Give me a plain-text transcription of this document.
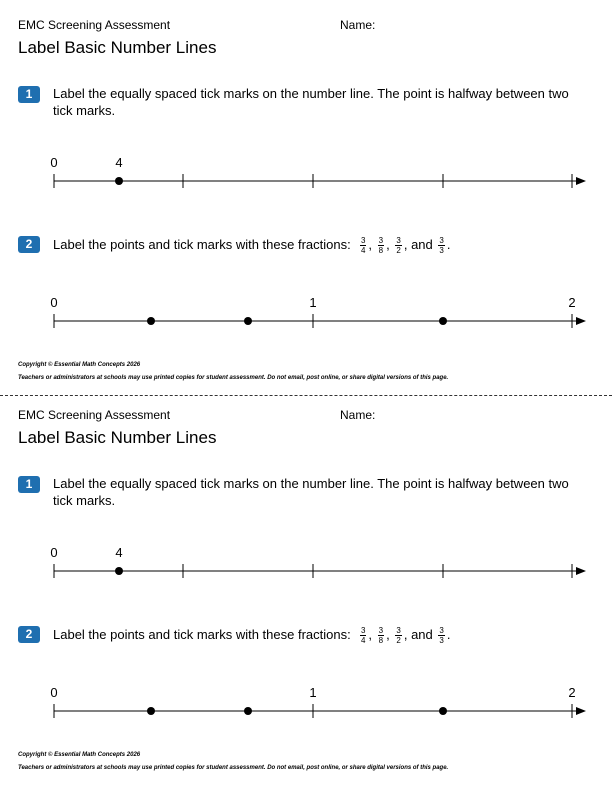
EMC Screening Assessment	Name:
Label Basic Number Lines
1	Label the equally spaced tick marks on the number line. The point is halfway between two tick marks.
0	4
2	Label the points and tick marks with these fractions: $\frac{3}{4}$ , $\frac{3}{8}$ , $\frac{3}{2}$ , and $\frac{3}{3}$ .
0	1	2
Copyright © Essential Math Concepts 2026
Teachers or administrators at schools may use printed copies for student assessment. Do not email, post online, or share digital versions of this page.
EMC Screening Assessment	Name:
Label Basic Number Lines
1	Label the equally spaced tick marks on the number line. The point is halfway between two tick marks.
0	4
2	Label the points and tick marks with these fractions: $\frac{3}{4}$ , $\frac{3}{8}$ , $\frac{3}{2}$ , and $\frac{3}{3}$ .
0	1	2
Copyright © Essential Math Concepts 2026
Teachers or administrators at schools may use printed copies for student assessment. Do not email, post online, or share digital versions of this page.
